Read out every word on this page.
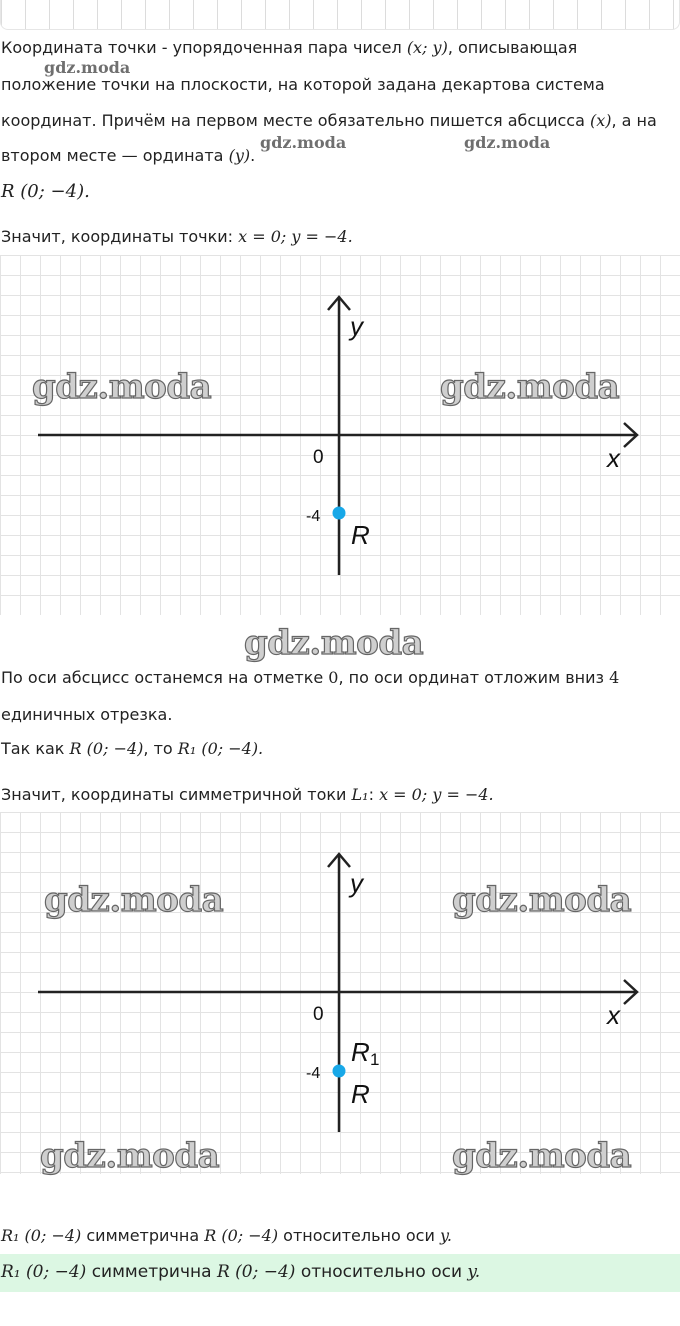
Координата точки - упорядоченная пара чисел (x; y), описывающая
gdz.moda
положение точки на плоскости, на которой задана декартова система
координат. Причём на первом месте обязательно пишется абсцисса (x), а на
втором месте — ордината (y).
gdz.moda	gdz.moda
R (0; −4).
Значит, координаты точки: x = 0; y = −4.
y
x
0
-4
R
gdz.moda	gdz.moda
gdz.moda
По оси абсцисс останемся на отметке 0, по оси ординат отложим вниз 4
единичных отрезка.
Так как R (0; −4), то R₁ (0; −4).
Значит, координаты симметричной токи L₁: x = 0; y = −4.
y
x
0
-4
R
R 1
gdz.moda	gdz.moda
gdz.moda	gdz.moda
R₁ (0; −4) симметрична R (0; −4) относительно оси y.
R₁ (0; −4) симметрична R (0; −4) относительно оси y.
